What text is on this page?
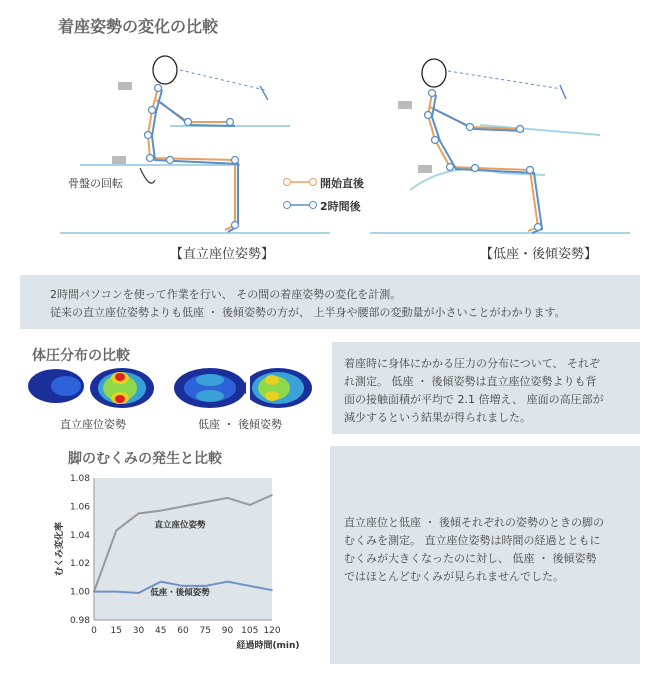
着座姿勢の変化の比較
骨盤の回転	開始直後
2時間後
【直立座位姿勢】	【低座・後傾姿勢】
2時間パソコンを使って作業を行い、 その間の着座姿勢の変化を計測。
従来の直立座位姿勢よりも低座 ・ 後傾姿勢の方が、 上半身や腰部の変動量が小さいことがわかります。
体圧分布の比較
直立座位姿勢	低座 ・ 後傾姿勢
着座時に身体にかかる圧力の分布について、 それぞ
れ測定。 低座 ・ 後傾姿勢は直立座位姿勢よりも背
面の接触面積が平均で 2.1 倍増え、 座面の高圧部が
減少するという結果が得られました。
脚のむくみの発生と比較
0.98
1.00
1.02
1.04
1.06
1.08
0 15 30 45 60 75 90 105 120
経過時間(min)
むくみ変化率	直立座位姿勢
低座・後傾姿勢
直立座位と低座 ・ 後傾それぞれの姿勢のときの脚の
むくみを測定。 直立座位姿勢は時間の経過とともに
むくみが大きくなったのに対し、 低座 ・ 後傾姿勢
ではほとんどむくみが見られませんでした。
